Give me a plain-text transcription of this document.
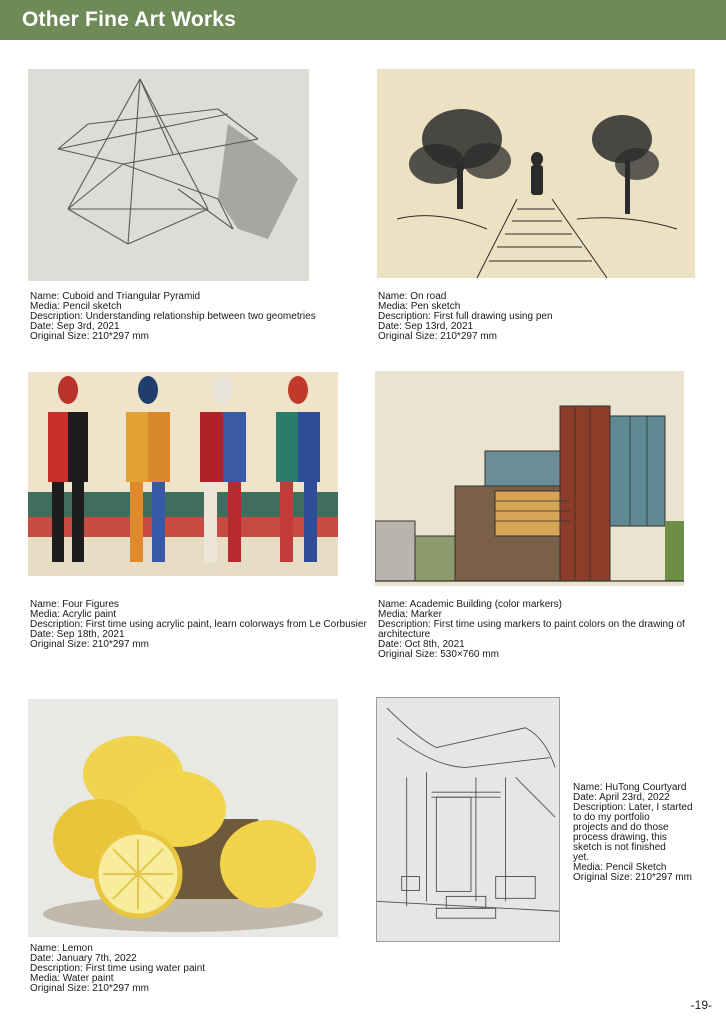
Other Fine Art Works
Name: Cuboid and Triangular Pyramid
Media: Pencil sketch
Description: Understanding relationship between two geometries
Date: Sep 3rd, 2021
Original Size: 210*297 mm
Name: On road
Media: Pen sketch
Description: First full drawing using pen
Date: Sep 13rd, 2021
Original Size: 210*297 mm
Name: Four Figures
Media: Acrylic paint
Description: First time using acrylic paint, learn colorways from Le Corbusier
Date: Sep 18th, 2021
Original Size: 210*297 mm
Name: Academic Building (color markers)
Media: Marker
Description: First time using markers to paint colors on the drawing of
architecture
Date: Oct 8th, 2021
Original Size: 530×760 mm
Name: Lemon
Date: January 7th, 2022
Description: First time using water paint
Media: Water paint
Original Size: 210*297 mm
Name: HuTong Courtyard
Date: April 23rd, 2022
Description: Later, I started
to do my portfolio
projects and do those
process drawing, this
sketch is not finished
yet.
Media: Pencil Sketch
Original Size: 210*297 mm
-19-
